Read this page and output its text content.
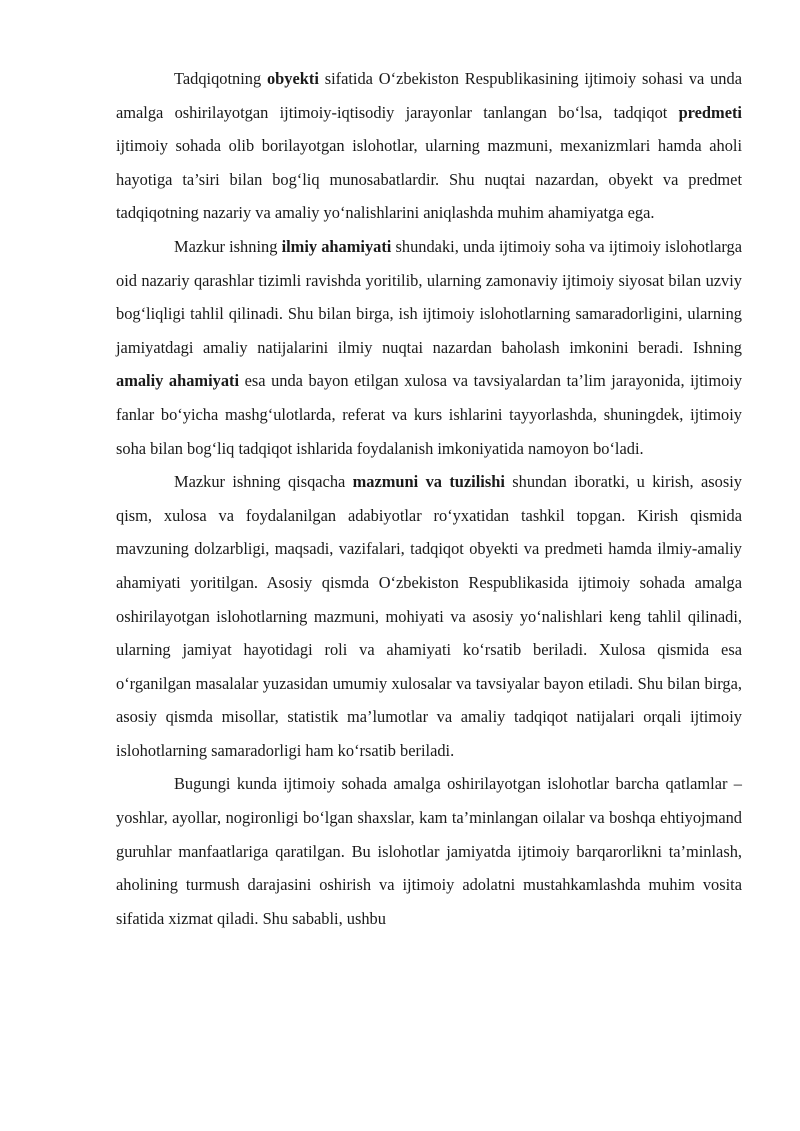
Tadqiqotning obyekti sifatida O‘zbekiston Respublikasining ijtimoiy sohasi va unda amalga oshirilayotgan ijtimoiy-iqtisodiy jarayonlar tanlangan bo‘lsa, tadqiqot predmeti ijtimoiy sohada olib borilayotgan islohotlar, ularning mazmuni, mexanizmlari hamda aholi hayotiga ta’siri bilan bog‘liq munosabatlardir. Shu nuqtai nazardan, obyekt va predmet tadqiqotning nazariy va amaliy yo‘nalishlarini aniqlashda muhim ahamiyatga ega.

Mazkur ishning ilmiy ahamiyati shundaki, unda ijtimoiy soha va ijtimoiy islohotlarga oid nazariy qarashlar tizimli ravishda yoritilib, ularning zamonaviy ijtimoiy siyosat bilan uzviy bog‘liqligi tahlil qilinadi. Shu bilan birga, ish ijtimoiy islohotlarning samaradorligini, ularning jamiyatdagi amaliy natijalarini ilmiy nuqtai nazardan baholash imkonini beradi. Ishning amaliy ahamiyati esa unda bayon etilgan xulosa va tavsiyalardan ta’lim jarayonida, ijtimoiy fanlar bo‘yicha mashg‘ulotlarda, referat va kurs ishlarini tayyorlashda, shuningdek, ijtimoiy soha bilan bog‘liq tadqiqot ishlarida foydalanish imkoniyatida namoyon bo‘ladi.

Mazkur ishning qisqacha mazmuni va tuzilishi shundan iboratki, u kirish, asosiy qism, xulosa va foydalanilgan adabiyotlar ro‘yxatidan tashkil topgan. Kirish qismida mavzuning dolzarbligi, maqsadi, vazifalari, tadqiqot obyekti va predmeti hamda ilmiy-amaliy ahamiyati yoritilgan. Asosiy qismda O‘zbekiston Respublikasida ijtimoiy sohada amalga oshirilayotgan islohotlarning mazmuni, mohiyati va asosiy yo‘nalishlari keng tahlil qilinadi, ularning jamiyat hayotidagi roli va ahamiyati ko‘rsatib beriladi. Xulosa qismida esa o‘rganilgan masalalar yuzasidan umumiy xulosalar va tavsiyalar bayon etiladi. Shu bilan birga, asosiy qismda misollar, statistik ma’lumotlar va amaliy tadqiqot natijalari orqali ijtimoiy islohotlarning samaradorligi ham ko‘rsatib beriladi.

Bugungi kunda ijtimoiy sohada amalga oshirilayotgan islohotlar barcha qatlamlar – yoshlar, ayollar, nogironligi bo‘lgan shaxslar, kam ta’minlangan oilalar va boshqa ehtiyojmand guruhlar manfaatlariga qaratilgan. Bu islohotlar jamiyatda ijtimoiy barqarorlikni ta’minlash, aholining turmush darajasini oshirish va ijtimoiy adolatni mustahkamlashda muhim vosita sifatida xizmat qiladi. Shu sababli, ushbu
